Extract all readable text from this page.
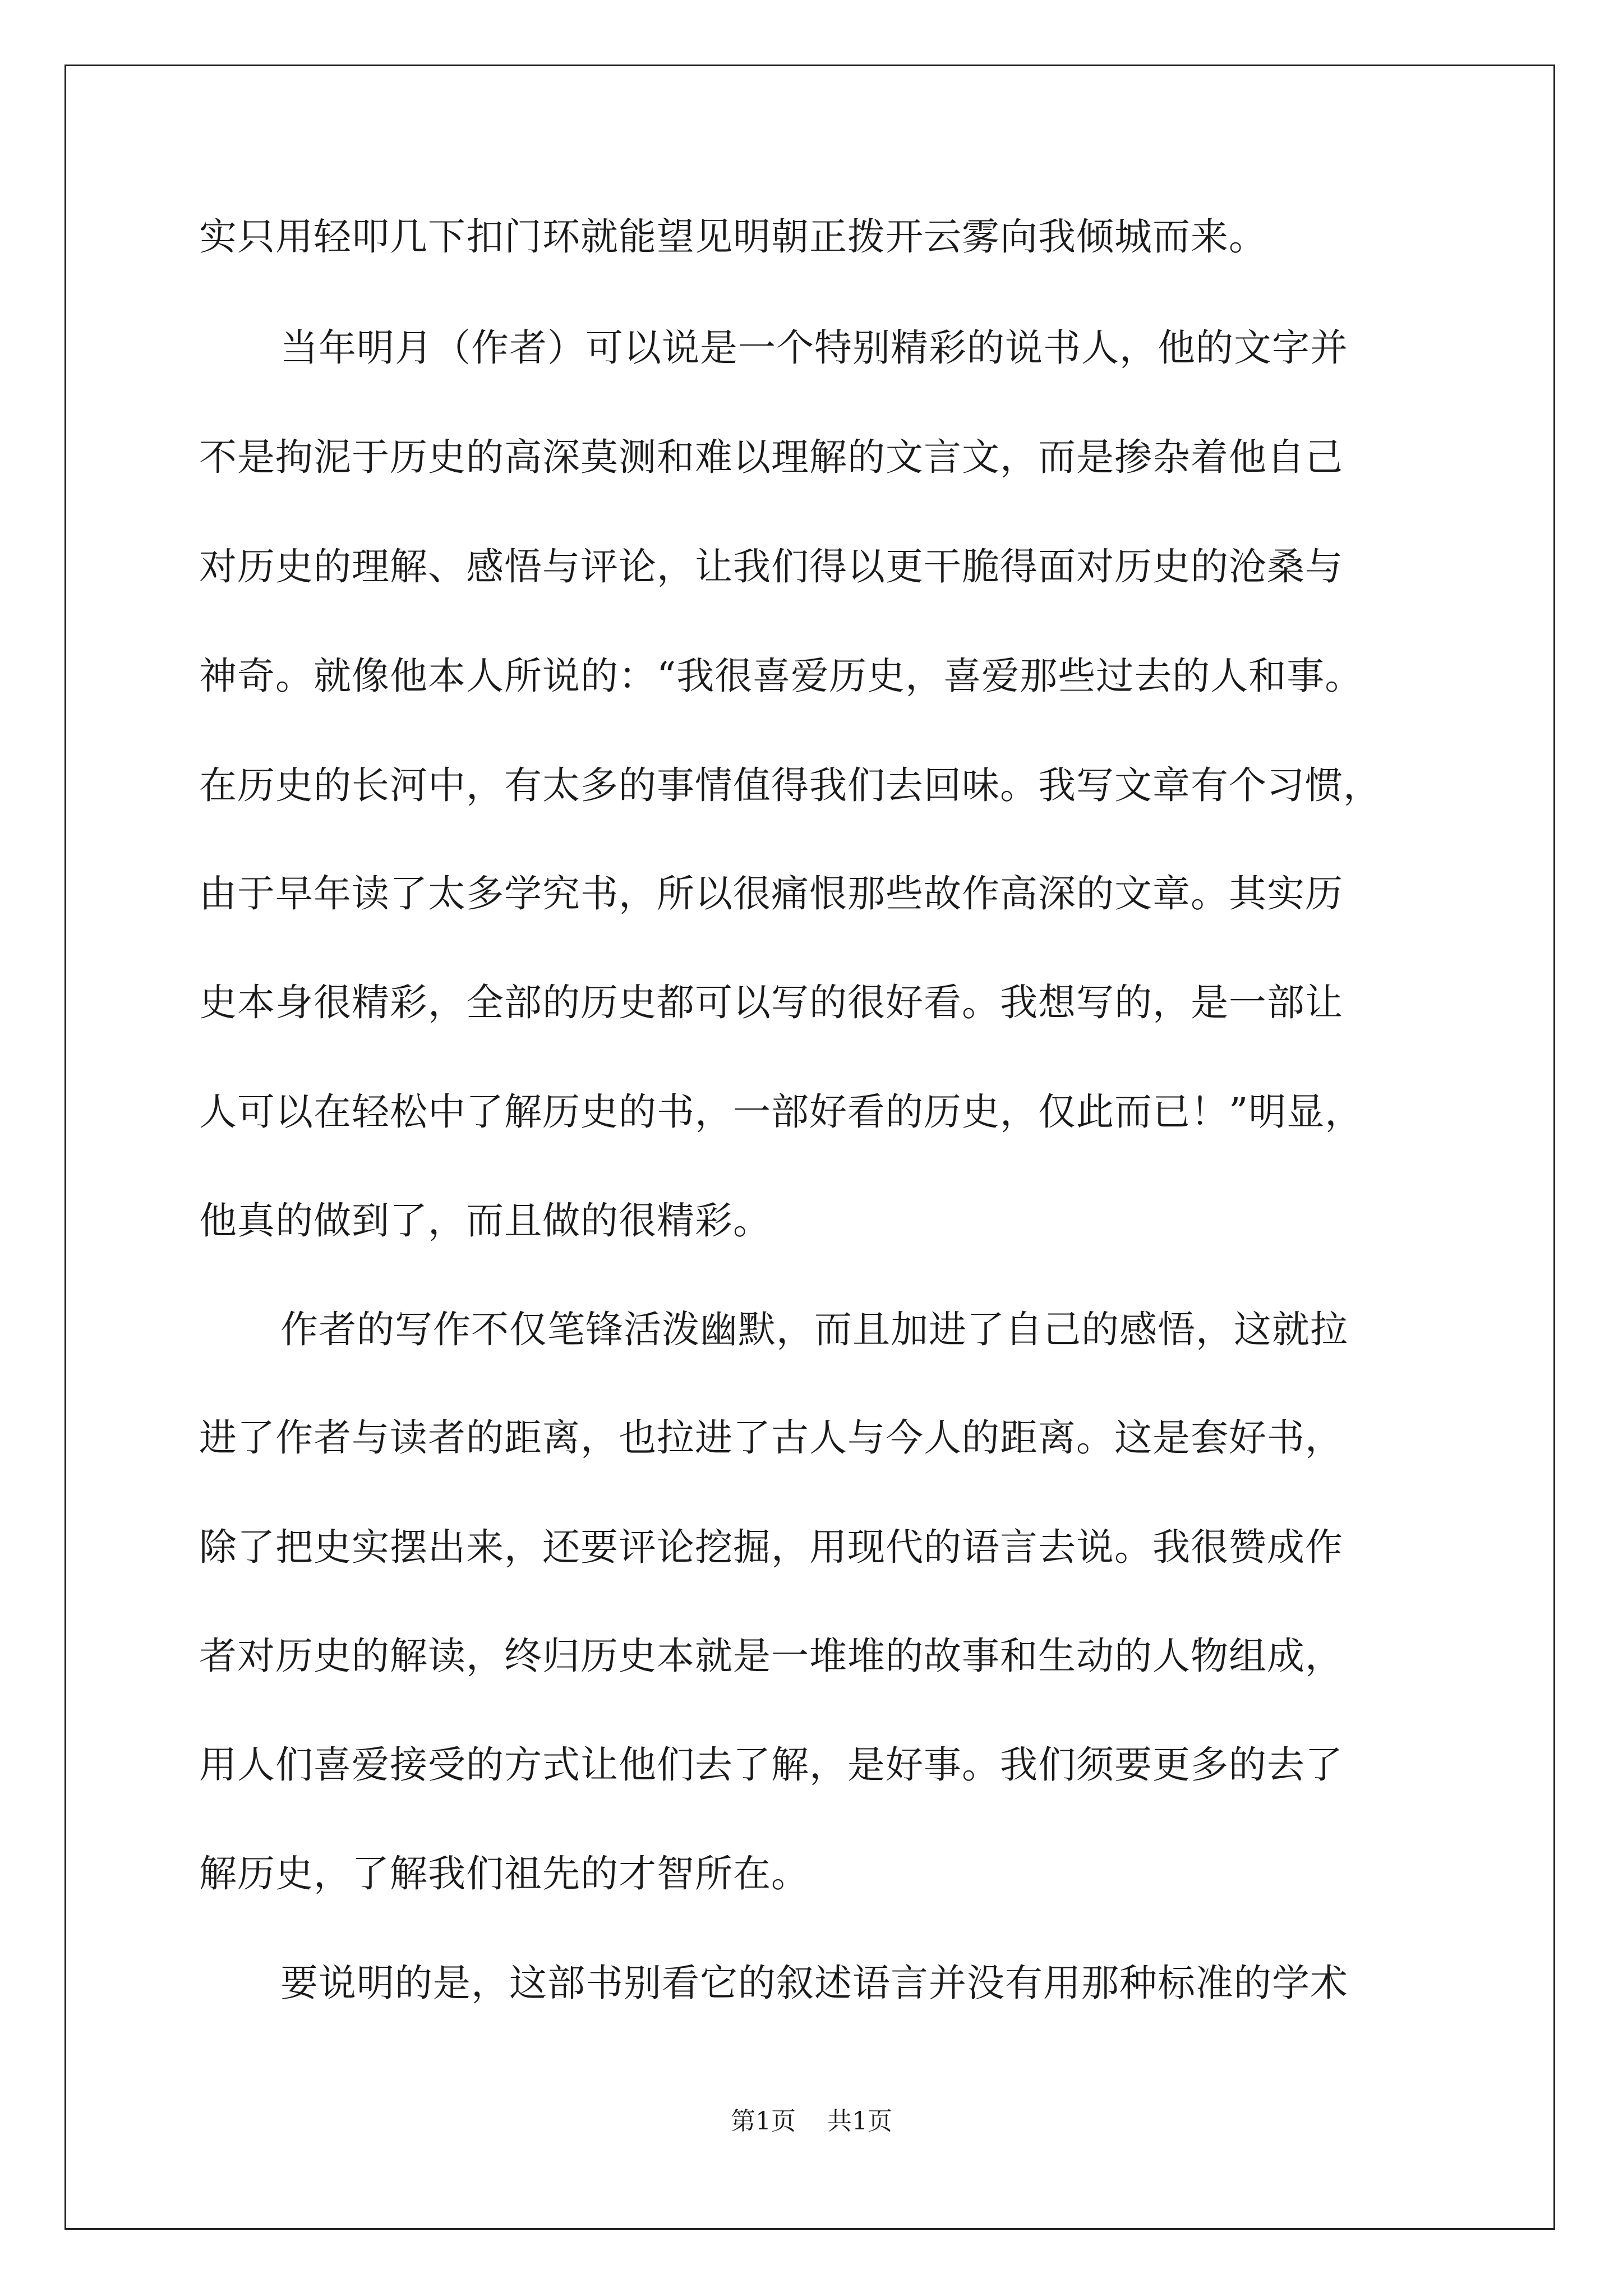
实只用轻叩几下扣门环就能望见明朝正拨开云雾向我倾城而来。
当年明月（作者）可以说是一个特别精彩的说书人，他的文字并
不是拘泥于历史的高深莫测和难以理解的文言文，而是掺杂着他自己
对历史的理解、感悟与评论，让我们得以更干脆得面对历史的沧桑与
神奇。就像他本人所说的：“我很喜爱历史，喜爱那些过去的人和事。
在历史的长河中，有太多的事情值得我们去回味。我写文章有个习惯，
由于早年读了太多学究书，所以很痛恨那些故作高深的文章。其实历
史本身很精彩，全部的历史都可以写的很好看。我想写的，是一部让
人可以在轻松中了解历史的书，一部好看的历史，仅此而已！”明显，
他真的做到了，而且做的很精彩。
作者的写作不仅笔锋活泼幽默，而且加进了自己的感悟，这就拉
进了作者与读者的距离，也拉进了古人与今人的距离。这是套好书，
除了把史实摆出来，还要评论挖掘，用现代的语言去说。我很赞成作
者对历史的解读，终归历史本就是一堆堆的故事和生动的人物组成，
用人们喜爱接受的方式让他们去了解，是好事。我们须要更多的去了
解历史，了解我们祖先的才智所在。
要说明的是，这部书别看它的叙述语言并没有用那种标准的学术
第1页    共1页
